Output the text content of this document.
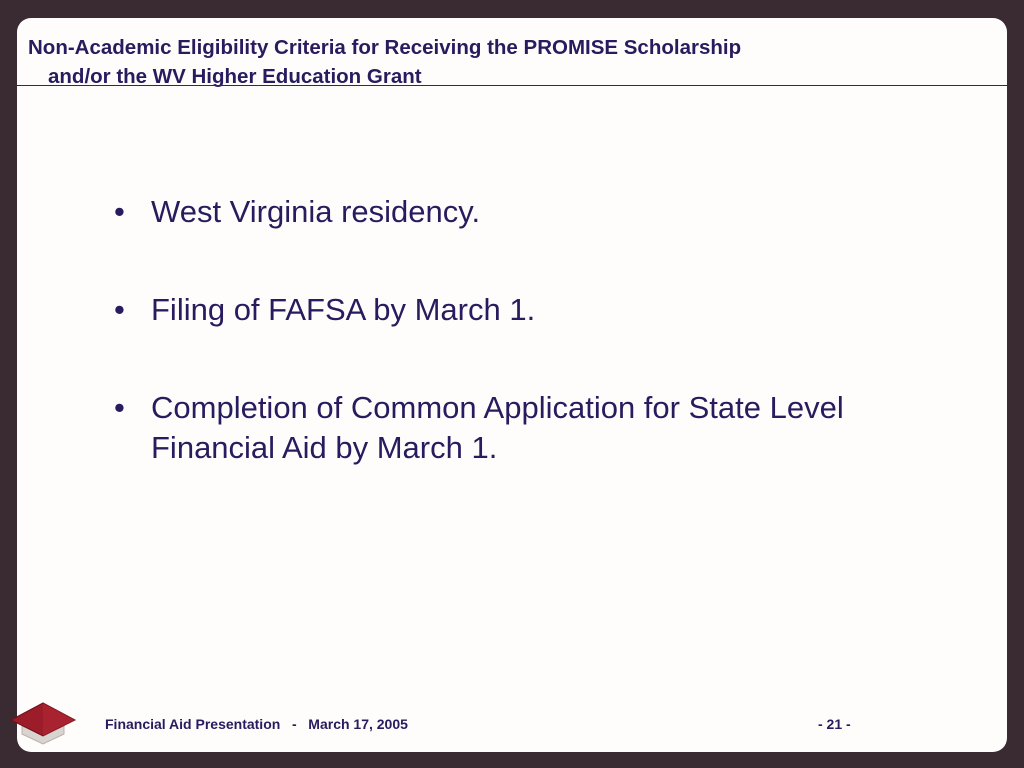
Non-Academic Eligibility Criteria for Receiving the PROMISE Scholarship
and/or the WV Higher Education Grant
• West Virginia residency.
• Filing of FAFSA by March 1.
• Completion of Common Application for State Level Financial Aid by March 1.
Financial Aid Presentation   -   March 17, 2005	- 21 -
